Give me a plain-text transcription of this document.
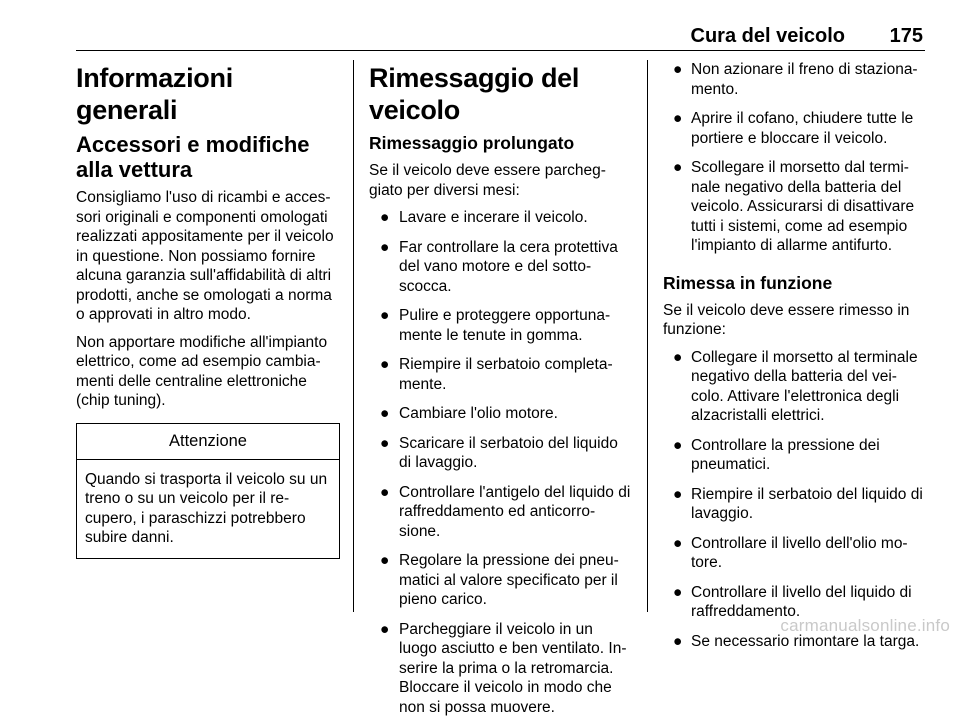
Cura del veicolo 175
Informazioni generali
Accessori e modifiche alla vettura

Consigliamo l'uso di ricambi e acces-sori originali e componenti omologati realizzati appositamente per il veicolo in questione. Non possiamo fornire alcuna garanzia sull'affidabilità di altri prodotti, anche se omologati a norma o approvati in altro modo.

Non apportare modifiche all'impianto elettrico, come ad esempio cambia-menti delle centraline elettroniche (chip tuning).

Attenzione
Quando si trasporta il veicolo su un treno o su un veicolo per il re-cupero, i paraschizzi potrebbero subire danni.
Rimessaggio del veicolo
Rimessaggio prolungato

Se il veicolo deve essere parcheg-giato per diversi mesi:

● Lavare e incerare il veicolo.
● Far controllare la cera protettiva del vano motore e del sotto-scocca.
● Pulire e proteggere opportuna-mente le tenute in gomma.
● Riempire il serbatoio completa-mente.
● Cambiare l'olio motore.
● Scaricare il serbatoio del liquido di lavaggio.
● Controllare l'antigelo del liquido di raffreddamento ed anticorro-sione.
● Regolare la pressione dei pneu-matici al valore specificato per il pieno carico.
● Parcheggiare il veicolo in un luogo asciutto e ben ventilato. In-serire la prima o la retromarcia. Bloccare il veicolo in modo che non si possa muovere.
● Non azionare il freno di staziona-mento.
● Aprire il cofano, chiudere tutte le portiere e bloccare il veicolo.
● Scollegare il morsetto dal termi-nale negativo della batteria del veicolo. Assicurarsi di disattivare tutti i sistemi, come ad esempio l'impianto di allarme antifurto.
Rimessa in funzione

Se il veicolo deve essere rimesso in funzione:

● Collegare il morsetto al terminale negativo della batteria del vei-colo. Attivare l'elettronica degli alzacristalli elettrici.
● Controllare la pressione dei pneumatici.
● Riempire il serbatoio del liquido di lavaggio.
● Controllare il livello dell'olio mo-tore.
● Controllare il livello del liquido di raffreddamento.
● Se necessario rimontare la targa.
carmanualsonline.info
